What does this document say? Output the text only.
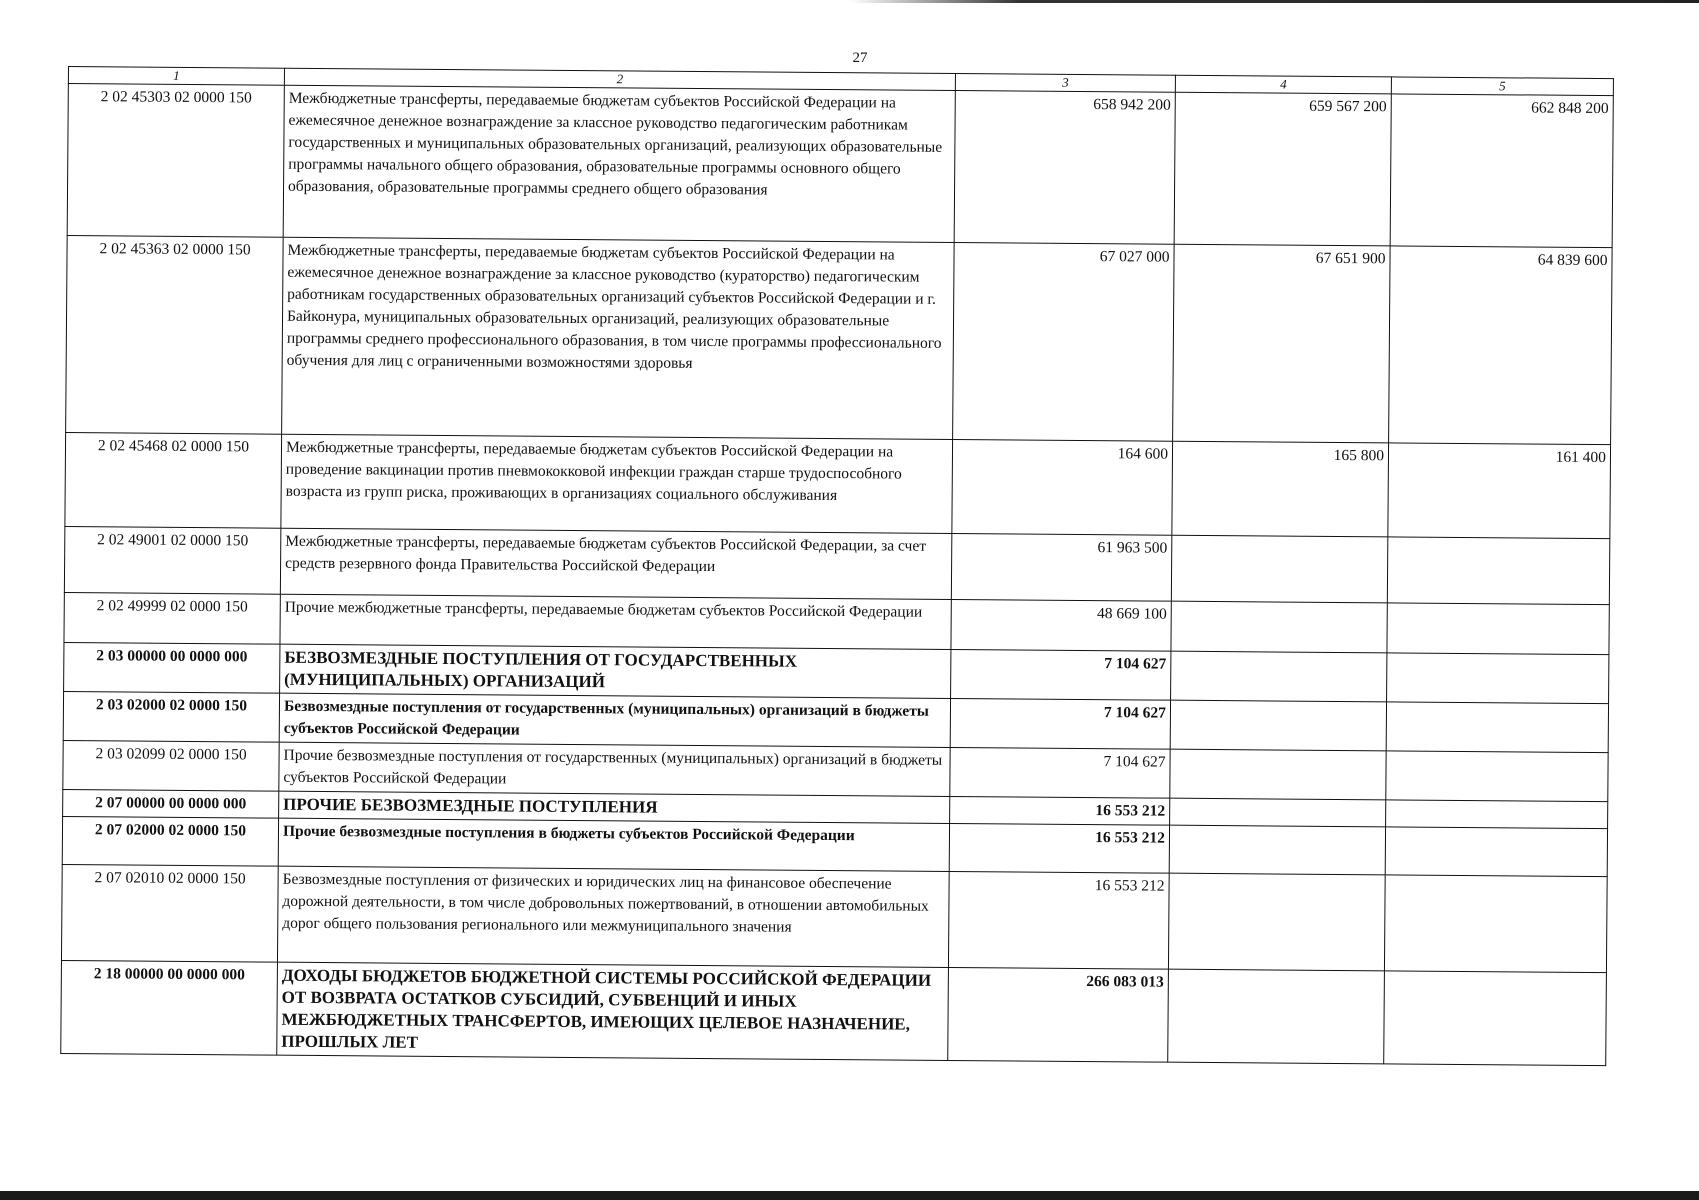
27
1	2	3	4	5
2 02 45303 02 0000 150	Межбюджетные трансферты, передаваемые бюджетам субъектов Российской Федерации на ежемесячное денежное вознаграждение за классное руководство педагогическим работникам государственных и муниципальных образовательных организаций, реализующих образовательные программы начального общего образования, образовательные программы основного общего образования, образовательные программы среднего общего образования	658 942 200	659 567 200	662 848 200
2 02 45363 02 0000 150	Межбюджетные трансферты, передаваемые бюджетам субъектов Российской Федерации на ежемесячное денежное вознаграждение за классное руководство (кураторство) педагогическим работникам государственных образовательных организаций субъектов Российской Федерации и г. Байконура, муниципальных образовательных организаций, реализующих образовательные программы среднего профессионального образования, в том числе программы профессионального обучения для лиц с ограниченными возможностями здоровья	67 027 000	67 651 900	64 839 600
2 02 45468 02 0000 150	Межбюджетные трансферты, передаваемые бюджетам субъектов Российской Федерации на проведение вакцинации против пневмококковой инфекции граждан старше трудоспособного возраста из групп риска, проживающих в организациях социального обслуживания	164 600	165 800	161 400
2 02 49001 02 0000 150	Межбюджетные трансферты, передаваемые бюджетам субъектов Российской Федерации, за счет средств резервного фонда Правительства Российской Федерации	61 963 500		
2 02 49999 02 0000 150	Прочие межбюджетные трансферты, передаваемые бюджетам субъектов Российской Федерации	48 669 100		
2 03 00000 00 0000 000	БЕЗВОЗМЕЗДНЫЕ ПОСТУПЛЕНИЯ ОТ ГОСУДАРСТВЕННЫХ (МУНИЦИПАЛЬНЫХ) ОРГАНИЗАЦИЙ	7 104 627		
2 03 02000 02 0000 150	Безвозмездные поступления от государственных (муниципальных) организаций в бюджеты субъектов Российской Федерации	7 104 627		
2 03 02099 02 0000 150	Прочие безвозмездные поступления от государственных (муниципальных) организаций в бюджеты субъектов Российской Федерации	7 104 627		
2 07 00000 00 0000 000	ПРОЧИЕ БЕЗВОЗМЕЗДНЫЕ ПОСТУПЛЕНИЯ	16 553 212		
2 07 02000 02 0000 150	Прочие безвозмездные поступления в бюджеты субъектов Российской Федерации	16 553 212		
2 07 02010 02 0000 150	Безвозмездные поступления от физических и юридических лиц на финансовое обеспечение дорожной деятельности, в том числе добровольных пожертвований, в отношении автомобильных дорог общего пользования регионального или межмуниципального значения	16 553 212		
2 18 00000 00 0000 000	ДОХОДЫ БЮДЖЕТОВ БЮДЖЕТНОЙ СИСТЕМЫ РОССИЙСКОЙ ФЕДЕРАЦИИ ОТ ВОЗВРАТА ОСТАТКОВ СУБСИДИЙ, СУБВЕНЦИЙ И ИНЫХ МЕЖБЮДЖЕТНЫХ ТРАНСФЕРТОВ, ИМЕЮЩИХ ЦЕЛЕВОЕ НАЗНАЧЕНИЕ, ПРОШЛЫХ ЛЕТ	266 083 013		
